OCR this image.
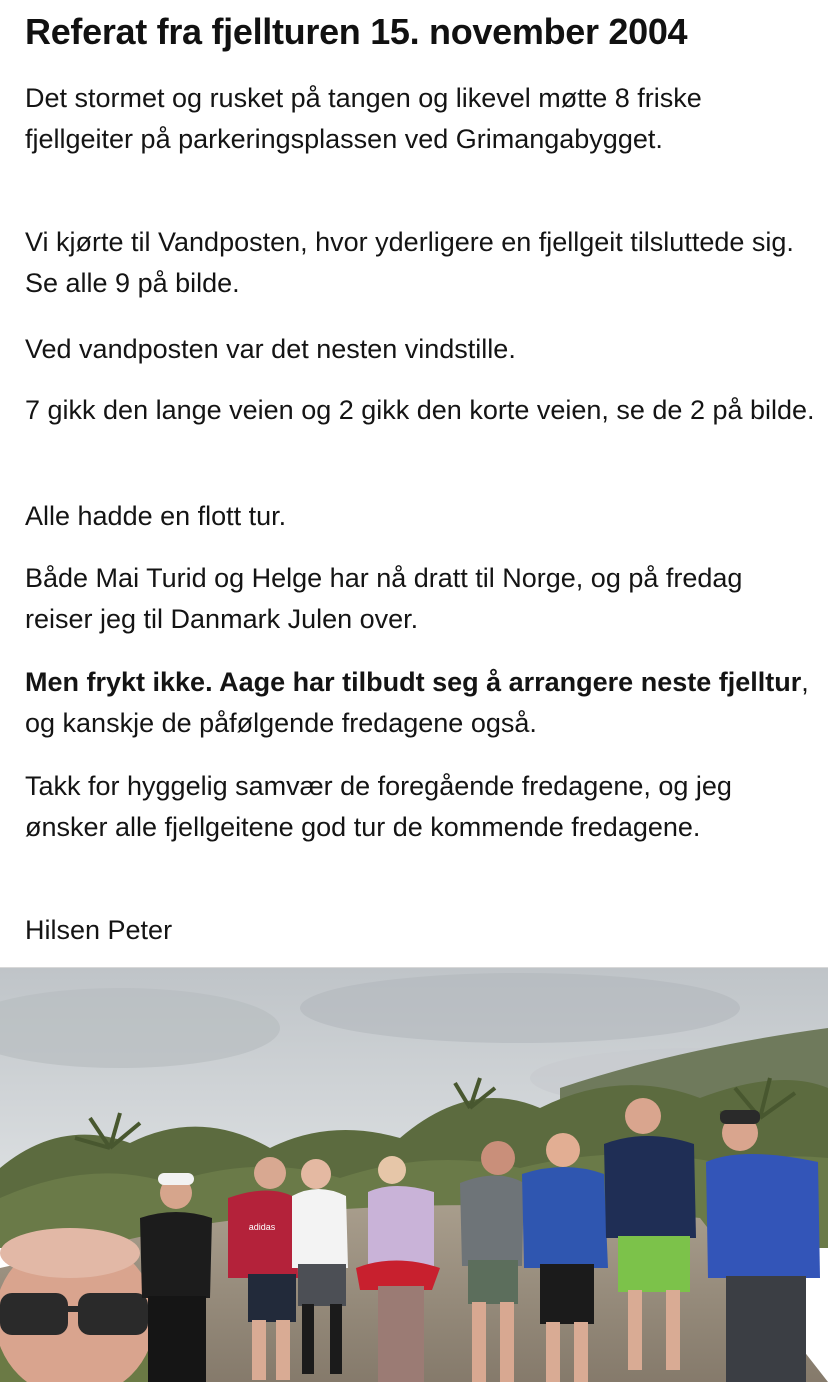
Referat fra fjellturen 15. november 2004
Det stormet og rusket på tangen og likevel møtte 8 friske fjellgeiter på parkeringsplassen ved Grimangabygget.
Vi kjørte til Vandposten, hvor yderligere en fjellgeit tilsluttede sig. Se alle 9 på bilde.
Ved vandposten var det nesten vindstille.
7 gikk den lange veien og 2 gikk den korte veien, se de 2 på bilde.
Alle hadde en flott tur.
Både Mai Turid og Helge har nå dratt til Norge, og på fredag reiser jeg til Danmark Julen over.
Men frykt ikke. Aage har tilbudt seg å arrangere neste fjelltur, og kanskje de påfølgende fredagene også.
Takk for hyggelig samvær de foregående fredagene, og jeg ønsker alle fjellgeitene god tur de kommende fredagene.
Hilsen Peter
adidas
